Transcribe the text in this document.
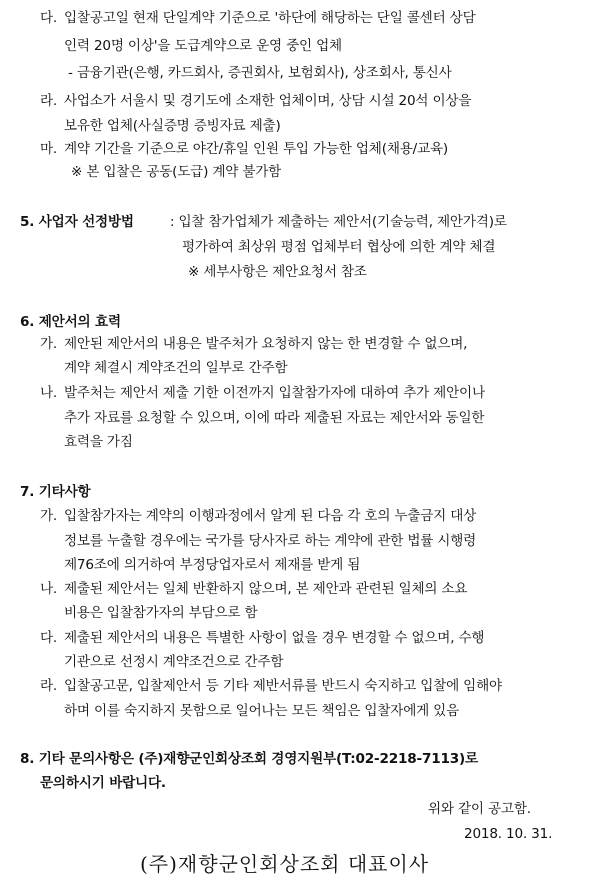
다. 입찰공고일 현재 단일계약 기준으로 '하단에 해당하는 단일 콜센터 상담
인력 20명 이상'을 도급계약으로 운영 중인 업체
- 금융기관(은행, 카드회사, 증권회사, 보험회사), 상조회사, 통신사
라. 사업소가 서울시 및 경기도에 소재한 업체이며, 상담 시설 20석 이상을
보유한 업체(사실증명 증빙자료 제출)
마. 계약 기간을 기준으로 야간/휴일 인원 투입 가능한 업체(채용/교육)
※ 본 입찰은 공동(도급) 계약 불가함
5. 사업자 선정방법	: 입찰 참가업체가 제출하는 제안서(기술능력, 제안가격)로
평가하여 최상위 평점 업체부터 협상에 의한 계약 체결
※ 세부사항은 제안요청서 참조
6. 제안서의 효력
가. 제안된 제안서의 내용은 발주처가 요청하지 않는 한 변경할 수 없으며,
계약 체결시 계약조건의 일부로 간주함
나. 발주처는 제안서 제출 기한 이전까지 입찰참가자에 대하여 추가 제안이나
추가 자료를 요청할 수 있으며, 이에 따라 제출된 자료는 제안서와 동일한
효력을 가짐
7. 기타사항
가. 입찰참가자는 계약의 이행과정에서 알게 된 다음 각 호의 누출금지 대상
정보를 누출할 경우에는 국가를 당사자로 하는 계약에 관한 법률 시행령
제76조에 의거하여 부정당업자로서 제재를 받게 됨
나. 제출된 제안서는 일체 반환하지 않으며, 본 제안과 관련된 일체의 소요
비용은 입찰참가자의 부담으로 함
다. 제출된 제안서의 내용은 특별한 사항이 없을 경우 변경할 수 없으며, 수행
기관으로 선정시 계약조건으로 간주함
라. 입찰공고문, 입찰제안서 등 기타 제반서류를 반드시 숙지하고 입찰에 임해야
하며 이를 숙지하지 못함으로 일어나는 모든 책임은 입찰자에게 있음
8. 기타 문의사항은 (주)재향군인회상조회 경영지원부(T:02-2218-7113)로
문의하시기 바랍니다.
위와 같이 공고함.
2018. 10. 31.
(주)재향군인회상조회 대표이사
